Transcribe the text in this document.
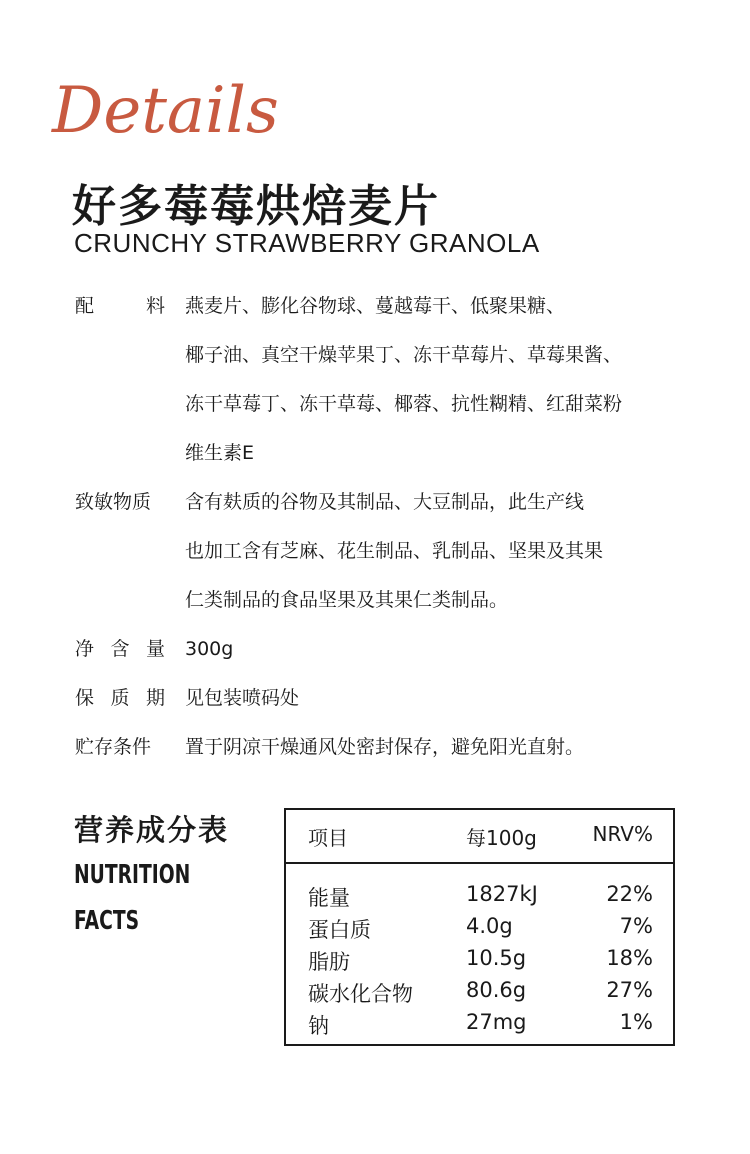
Details
好多莓莓烘焙麦片
CRUNCHY STRAWBERRY GRANOLA
配	料 燕麦片、膨化谷物球、蔓越莓干、低聚果糖、
椰子油、真空干燥苹果丁、冻干草莓片、草莓果酱、
冻干草莓丁、冻干草莓、椰蓉、抗性糊精、红甜菜粉
维生素E
致敏物质	含有麸质的谷物及其制品、大豆制品，此生产线
也加工含有芝麻、花生制品、乳制品、坚果及其果
仁类制品的食品坚果及其果仁类制品。
净 含 量 300g
保 质 期 见包装喷码处
贮存条件	置于阴凉干燥通风处密封保存，避免阳光直射。
营养成分表
NUTRITION
FACTS
项目	每100g	NRV%
能量	1827kJ	22%
蛋白质	4.0g	7%
脂肪	10.5g	18%
碳水化合物	80.6g	27%
钠	27mg	1%
